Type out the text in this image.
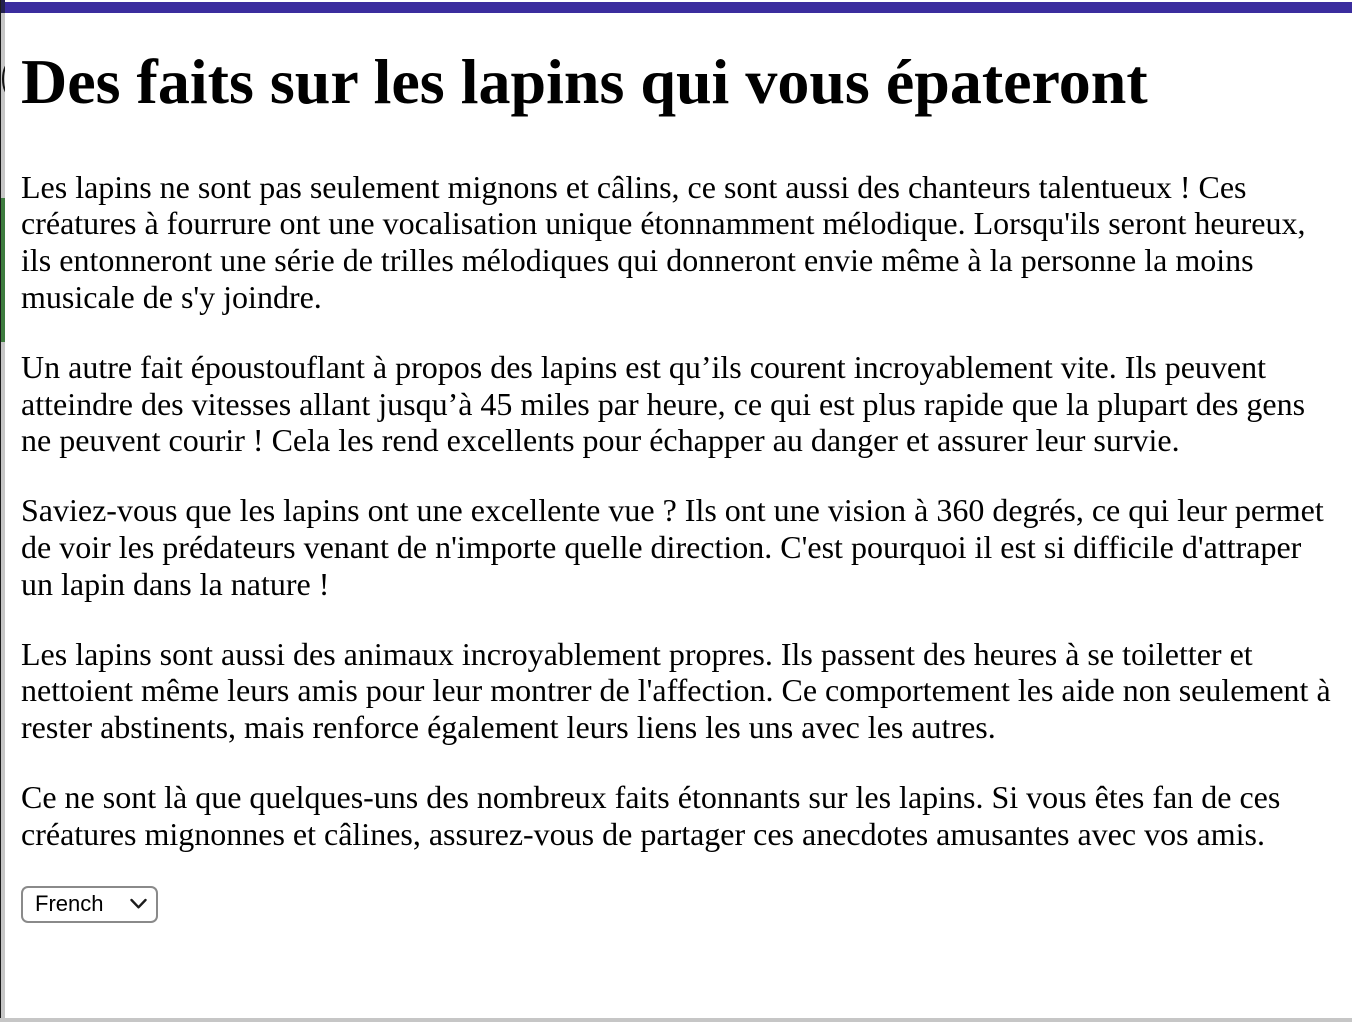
Des faits sur les lapins qui vous épateront

Les lapins ne sont pas seulement mignons et câlins, ce sont aussi des chanteurs talentueux ! Ces créatures à fourrure ont une vocalisation unique étonnamment mélodique. Lorsqu'ils seront heureux, ils entonneront une série de trilles mélodiques qui donneront envie même à la personne la moins musicale de s'y joindre.

Un autre fait époustouflant à propos des lapins est qu’ils courent incroyablement vite. Ils peuvent atteindre des vitesses allant jusqu’à 45 miles par heure, ce qui est plus rapide que la plupart des gens ne peuvent courir ! Cela les rend excellents pour échapper au danger et assurer leur survie.

Saviez-vous que les lapins ont une excellente vue ? Ils ont une vision à 360 degrés, ce qui leur permet de voir les prédateurs venant de n'importe quelle direction. C'est pourquoi il est si difficile d'attraper un lapin dans la nature !

Les lapins sont aussi des animaux incroyablement propres. Ils passent des heures à se toiletter et nettoient même leurs amis pour leur montrer de l'affection. Ce comportement les aide non seulement à rester abstinents, mais renforce également leurs liens les uns avec les autres.

Ce ne sont là que quelques-uns des nombreux faits étonnants sur les lapins. Si vous êtes fan de ces créatures mignonnes et câlines, assurez-vous de partager ces anecdotes amusantes avec vos amis.

French
